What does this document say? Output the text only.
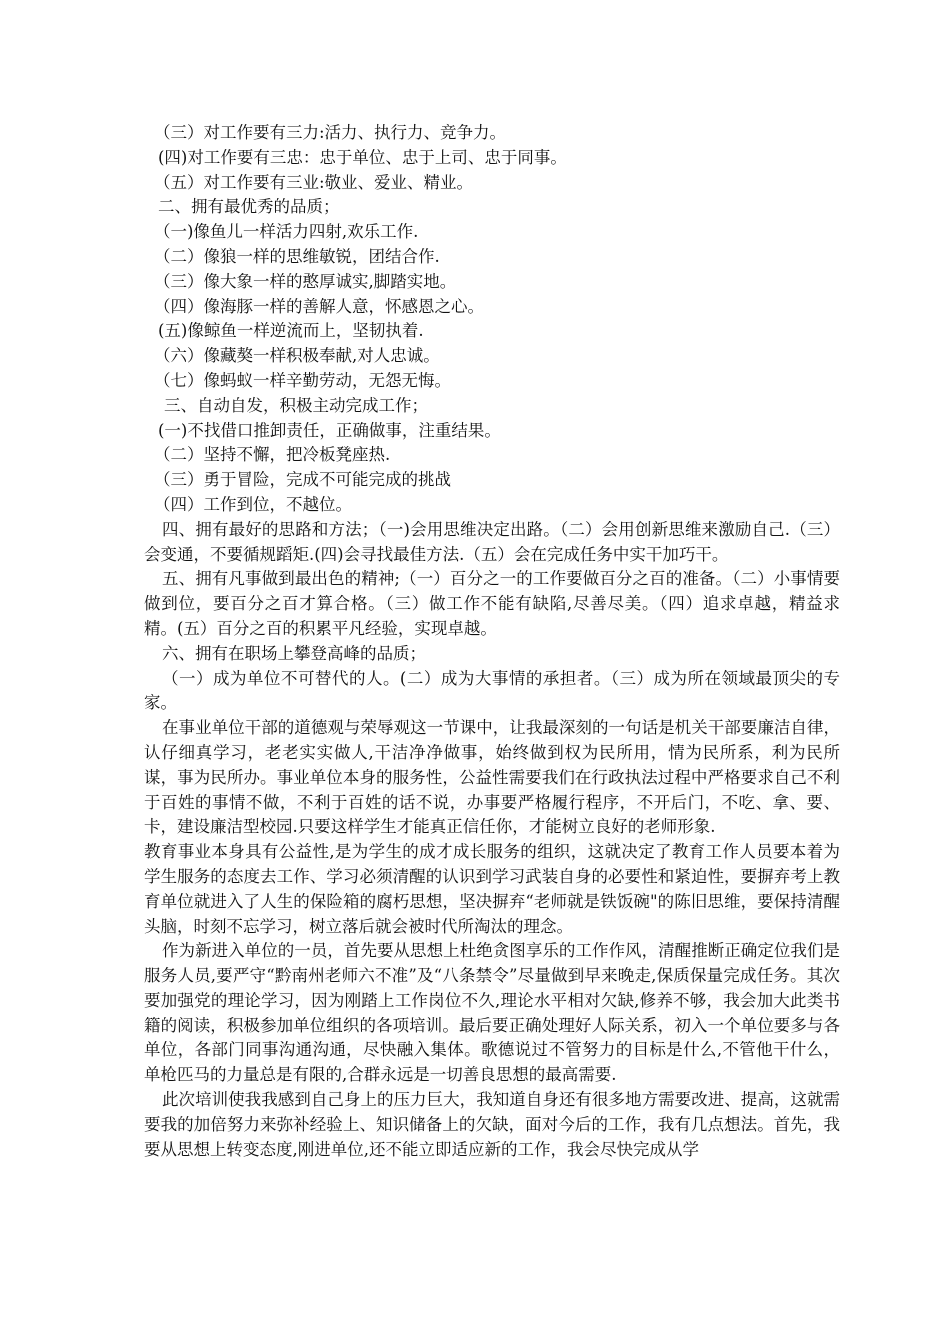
（三）对工作要有三力:活力、执行力、竞争力。
(四)对工作要有三忠：忠于单位、忠于上司、忠于同事。
（五）对工作要有三业:敬业、爱业、精业。
二、拥有最优秀的品质；
（一)像鱼儿一样活力四射,欢乐工作.
（二）像狼一样的思维敏锐，团结合作.
（三）像大象一样的憨厚诚实,脚踏实地。
（四）像海豚一样的善解人意，怀感恩之心。
(五)像鲸鱼一样逆流而上，坚韧执着.
（六）像藏獒一样积极奉献,对人忠诚。
（七）像蚂蚁一样辛勤劳动，无怨无悔。
三、自动自发，积极主动完成工作；
(一)不找借口推卸责任，正确做事，注重结果。
（二）坚持不懈，把冷板凳座热.
（三）勇于冒险，完成不可能完成的挑战
（四）工作到位，不越位。
四、拥有最好的思路和方法；（一)会用思维决定出路。（二）会用创新思维来激励自己.（三）会变通，不要循规蹈矩.(四)会寻找最佳方法.（五）会在完成任务中实干加巧干。
五、拥有凡事做到最出色的精神;（一）百分之一的工作要做百分之百的准备。（二）小事情要做到位，要百分之百才算合格。（三）做工作不能有缺陷,尽善尽美。（四）追求卓越，精益求精。(五）百分之百的积累平凡经验，实现卓越。
六、拥有在职场上攀登高峰的品质；
（一）成为单位不可替代的人。(二）成为大事情的承担者。（三）成为所在领域最顶尖的专家。
在事业单位干部的道德观与荣辱观这一节课中，让我最深刻的一句话是机关干部要廉洁自律，认仔细真学习，老老实实做人,干洁净净做事，始终做到权为民所用，情为民所系，利为民所谋，事为民所办。事业单位本身的服务性，公益性需要我们在行政执法过程中严格要求自己不利于百姓的事情不做，不利于百姓的话不说，办事要严格履行程序，不开后门，不吃、拿、要、卡，建设廉洁型校园.只要这样学生才能真正信任你，才能树立良好的老师形象.
教育事业本身具有公益性,是为学生的成才成长服务的组织，这就决定了教育工作人员要本着为学生服务的态度去工作、学习必须清醒的认识到学习武装自身的必要性和紧迫性，要摒弃考上教育单位就进入了人生的保险箱的腐朽思想，坚决摒弃“老师就是铁饭碗"的陈旧思维，要保持清醒头脑，时刻不忘学习，树立落后就会被时代所淘汰的理念。
作为新进入单位的一员，首先要从思想上杜绝贪图享乐的工作作风，清醒推断正确定位我们是服务人员,要严守“黔南州老师六不准”及“八条禁令”尽量做到早来晚走,保质保量完成任务。其次要加强党的理论学习，因为刚踏上工作岗位不久,理论水平相对欠缺,修养不够，我会加大此类书籍的阅读，积极参加单位组织的各项培训。最后要正确处理好人际关系，初入一个单位要多与各单位，各部门同事沟通沟通，尽快融入集体。歌德说过不管努力的目标是什么,不管他干什么，单枪匹马的力量总是有限的,合群永远是一切善良思想的最高需要.
此次培训使我我感到自己身上的压力巨大，我知道自身还有很多地方需要改进、提高，这就需要我的加倍努力来弥补经验上、知识储备上的欠缺，面对今后的工作，我有几点想法。首先，我要从思想上转变态度,刚进单位,还不能立即适应新的工作，我会尽快完成从学
